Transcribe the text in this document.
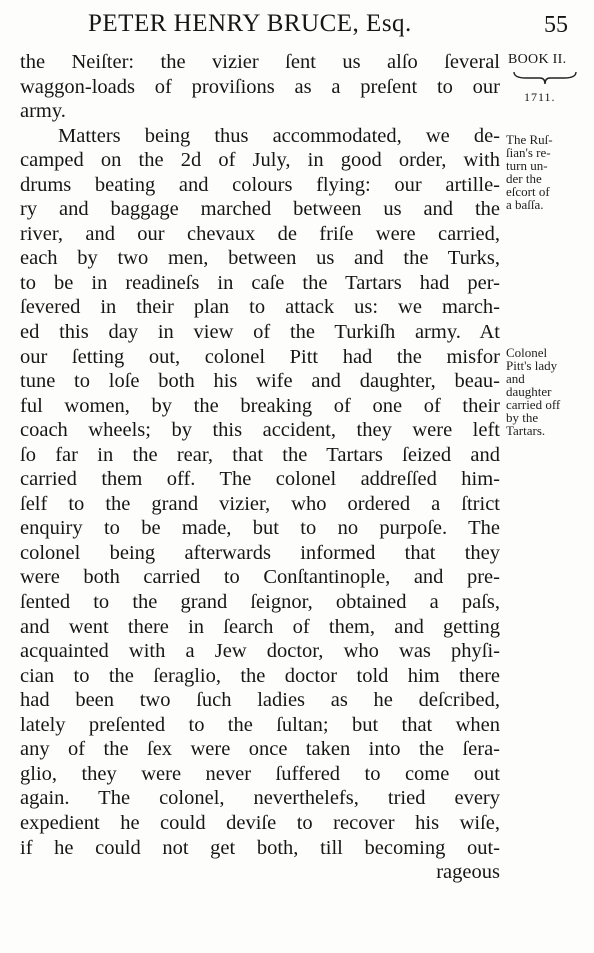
PETER HENRY BRUCE, Esq.	55
BOOK II.
1711.
The Ruſ-
ſian's re-
turn un-
der the
eſcort of
a baſſa.
Colonel
Pitt's lady
and
daughter
carried off
by the
Tartars.
the Neiſter: the vizier ſent us alſo ſeveral
waggon-loads of proviſions as a preſent to our
army.
Matters being thus accommodated, we de-
camped on the 2d of July, in good order, with
drums beating and colours flying: our artille-
ry and baggage marched between us and the
river, and our chevaux de friſe were carried,
each by two men, between us and the Turks,
to be in readineſs in caſe the Tartars had per-
ſevered in their plan to attack us: we march-
ed this day in view of the Turkiſh army. At
our ſetting out, colonel Pitt had the misfor
tune to loſe both his wife and daughter, beau-
ful women, by the breaking of one of their
coach wheels; by this accident, they were left
ſo far in the rear, that the Tartars ſeized and
carried them off. The colonel addreſſed him-
ſelf to the grand vizier, who ordered a ſtrict
enquiry to be made, but to no purpoſe. The
colonel being afterwards informed that they
were both carried to Conſtantinople, and pre-
ſented to the grand ſeignor, obtained a paſs,
and went there in ſearch of them, and getting
acquainted with a Jew doctor, who was phyſi-
cian to the ſeraglio, the doctor told him there
had been two ſuch ladies as he deſcribed,
lately preſented to the ſultan; but that when
any of the ſex were once taken into the ſera-
glio, they were never ſuffered to come out
again. The colonel, neverthelefs, tried every
expedient he could deviſe to recover his wiſe,
if he could not get both, till becoming out-
rageous
